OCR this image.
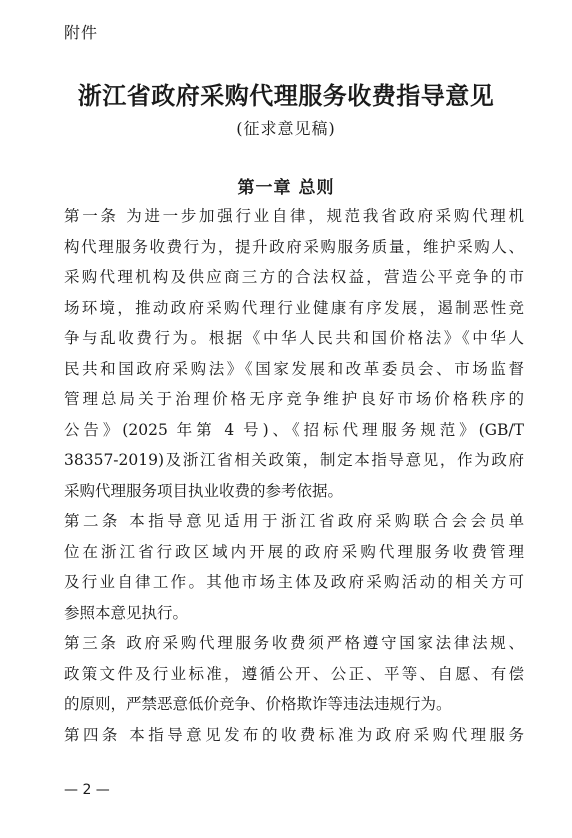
附件
浙江省政府采购代理服务收费指导意见
(征求意见稿)
第一章 总则
第一条 为进一步加强行业自律，规范我省政府采购代理机
构代理服务收费行为，提升政府采购服务质量，维护采购人、
采购代理机构及供应商三方的合法权益，营造公平竞争的市
场环境，推动政府采购代理行业健康有序发展，遏制恶性竞
争与乱收费行为。根据《中华人民共和国价格法》《中华人
民共和国政府采购法》《国家发展和改革委员会、市场监督
管理总局关于治理价格无序竞争维护良好市场价格秩序的
公告》(2025 年第 4 号)、《招标代理服务规范》(GB/T
38357-2019)及浙江省相关政策，制定本指导意见，作为政府
采购代理服务项目执业收费的参考依据。
第二条 本指导意见适用于浙江省政府采购联合会会员单
位在浙江省行政区域内开展的政府采购代理服务收费管理
及行业自律工作。其他市场主体及政府采购活动的相关方可
参照本意见执行。
第三条 政府采购代理服务收费须严格遵守国家法律法规、
政策文件及行业标准，遵循公开、公正、平等、自愿、有偿
的原则，严禁恶意低价竞争、价格欺诈等违法违规行为。
第四条 本指导意见发布的收费标准为政府采购代理服务
— 2 —
